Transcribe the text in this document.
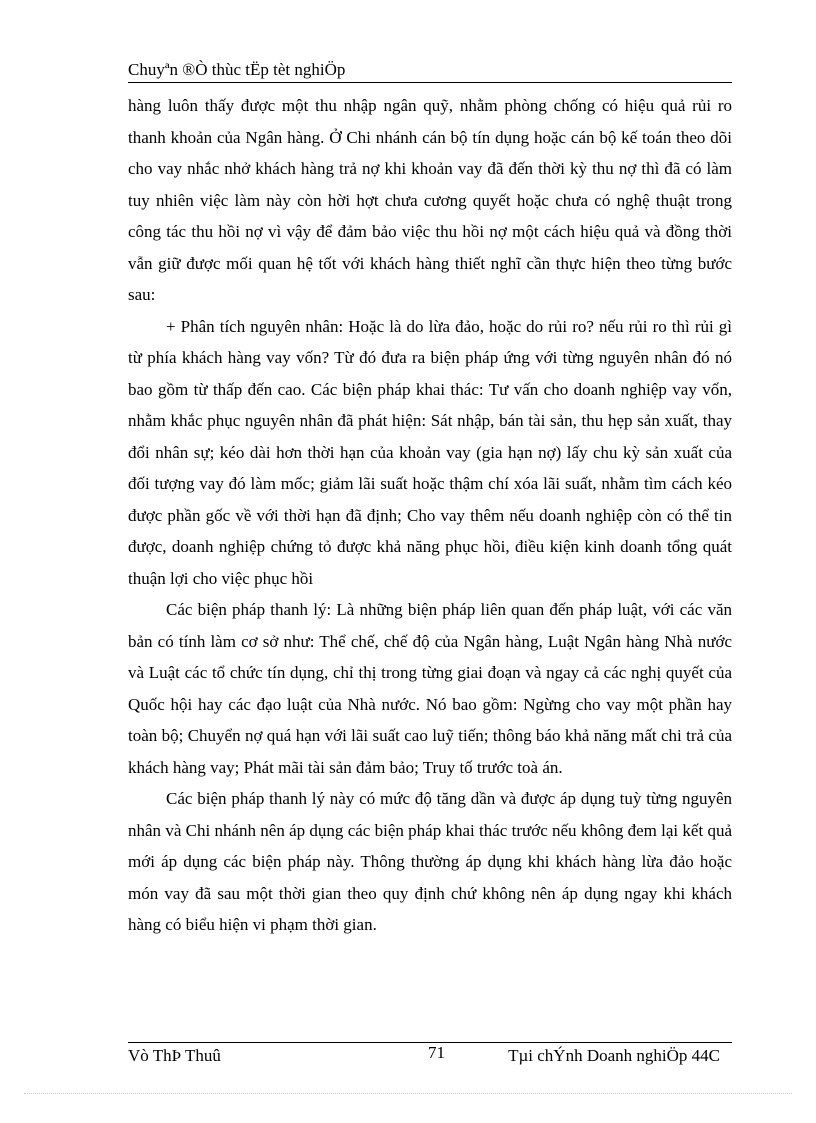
Chuyªn ®Ò thùc tËp tèt nghiÖp

hàng luôn thấy được một thu nhập ngân quỹ, nhằm phòng chống có hiệu quả rủi ro thanh khoản của Ngân hàng. Ở Chi nhánh cán bộ tín dụng hoặc cán bộ kế toán theo dõi cho vay nhắc nhở khách hàng trả nợ khi khoản vay đã đến thời kỳ thu nợ thì đã có làm tuy nhiên việc làm này còn hời hợt chưa cương quyết hoặc chưa có nghệ thuật trong công tác thu hồi nợ vì vậy để đảm bảo việc thu hồi nợ một cách hiệu quả và đồng thời vẫn giữ được mối quan hệ tốt với khách hàng thiết nghĩ cần thực hiện theo từng bước sau:

+ Phân tích nguyên nhân: Hoặc là do lừa đảo, hoặc do rủi ro? nếu rủi ro thì rủi gì từ phía khách hàng vay vốn? Từ đó đưa ra biện pháp ứng với từng nguyên nhân đó nó bao gồm từ thấp đến cao. Các biện pháp khai thác: Tư vấn cho doanh nghiệp vay vốn, nhằm khắc phục nguyên nhân đã phát hiện: Sát nhập, bán tài sản, thu hẹp sản xuất, thay đổi nhân sự; kéo dài hơn thời hạn của khoản vay (gia hạn nợ) lấy chu kỳ sản xuất của đối tượng vay đó làm mốc; giảm lãi suất hoặc thậm chí xóa lãi suất, nhằm tìm cách kéo được phần gốc về với thời hạn đã định; Cho vay thêm nếu doanh nghiệp còn có thể tin được, doanh nghiệp chứng tỏ được khả năng phục hồi, điều kiện kinh doanh tổng quát thuận lợi cho việc phục hồi

Các biện pháp thanh lý: Là những biện pháp liên quan đến pháp luật, với các văn bản có tính làm cơ sở như: Thể chế, chế độ của Ngân hàng, Luật Ngân hàng Nhà nước và Luật các tổ chức tín dụng, chỉ thị trong từng giai đoạn và ngay cả các nghị quyết của Quốc hội hay các đạo luật của Nhà nước. Nó bao gồm: Ngừng cho vay một phần hay toàn bộ; Chuyển nợ quá hạn với lãi suất cao luỹ tiến; thông báo khả năng mất chi trả của khách hàng vay; Phát mãi tài sản đảm bảo; Truy tố trước toà án.

Các biện pháp thanh lý này có mức độ tăng dần và được áp dụng tuỳ từng nguyên nhân và Chi nhánh nên áp dụng các biện pháp khai thác trước nếu không đem lại kết quả mới áp dụng các biện pháp này. Thông thường áp dụng khi khách hàng lừa đảo hoặc món vay đã sau một thời gian theo quy định chứ không nên áp dụng ngay khi khách hàng có biểu hiện vi phạm thời gian.

Vò ThÞ Thuû	71	Tµi chÝnh Doanh nghiÖp 44C
